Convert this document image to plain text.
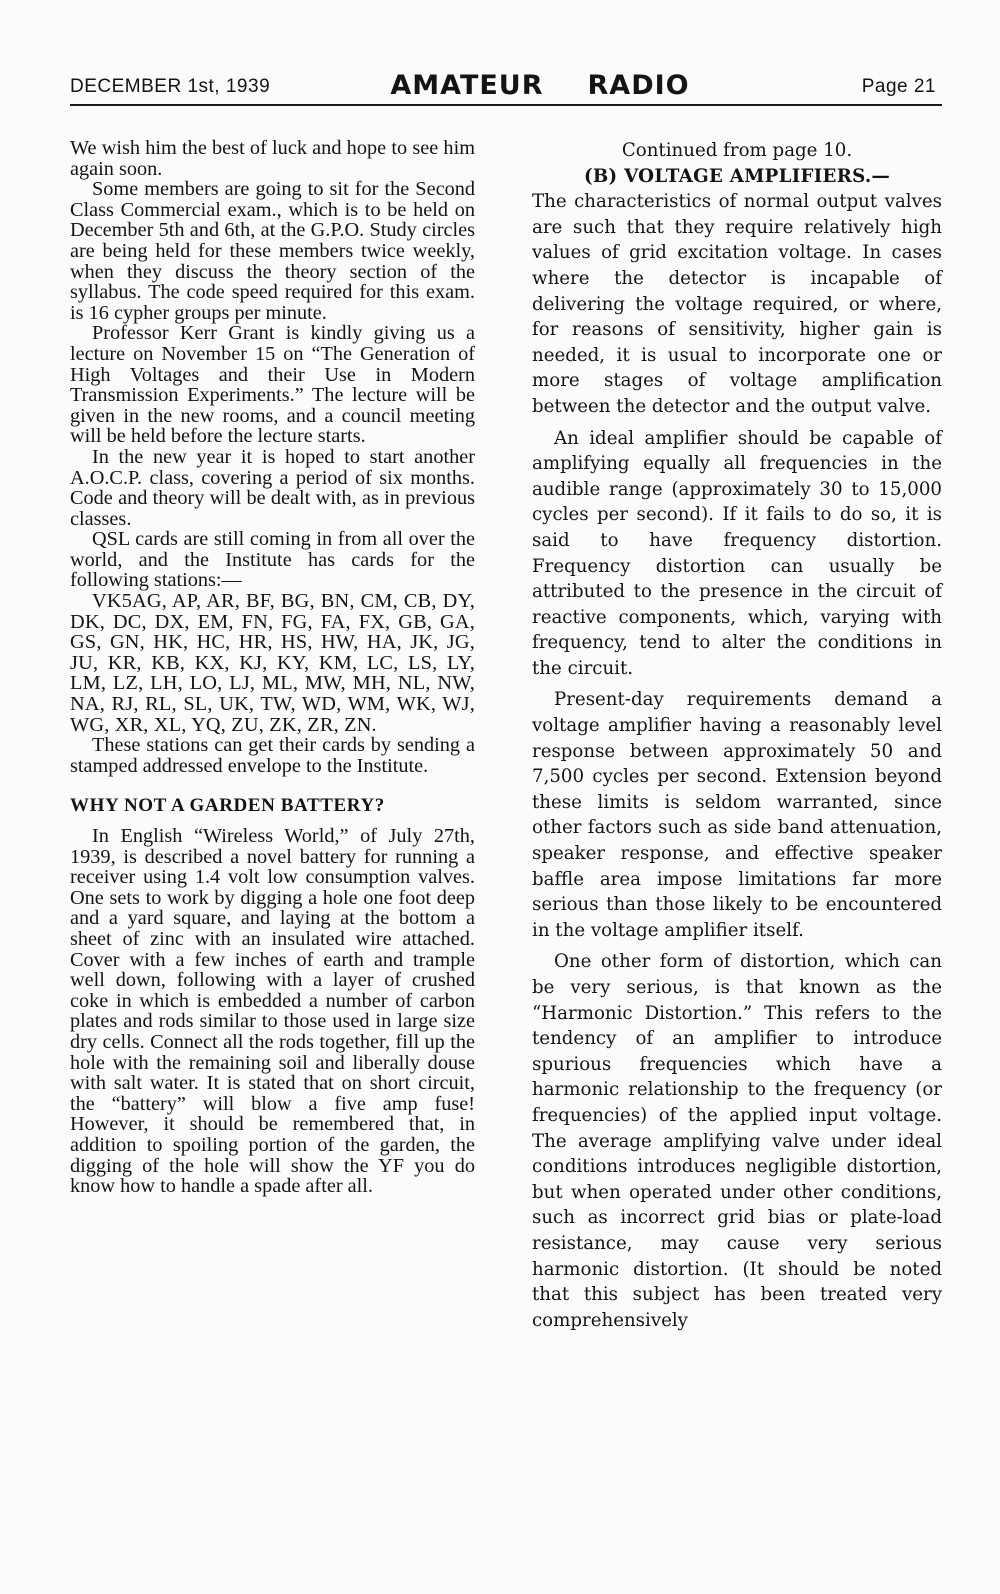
DECEMBER 1st, 1939	AMATEUR RADIO	Page 21

We wish him the best of luck and hope to see him again soon.

Some members are going to sit for the Second Class Commercial exam., which is to be held on December 5th and 6th, at the G.P.O. Study circles are being held for these members twice weekly, when they discuss the theory section of the syllabus. The code speed required for this exam. is 16 cypher groups per minute.

Professor Kerr Grant is kindly giving us a lecture on November 15 on “The Generation of High Voltages and their Use in Modern Transmission Experiments.” The lecture will be given in the new rooms, and a council meeting will be held before the lecture starts.

In the new year it is hoped to start another A.O.C.P. class, covering a period of six months. Code and theory will be dealt with, as in previous classes.

QSL cards are still coming in from all over the world, and the Institute has cards for the following stations:—

VK5AG, AP, AR, BF, BG, BN, CM, CB, DY, DK, DC, DX, EM, FN, FG, FA, FX, GB, GA, GS, GN, HK, HC, HR, HS, HW, HA, JK, JG, JU, KR, KB, KX, KJ, KY, KM, LC, LS, LY, LM, LZ, LH, LO, LJ, ML, MW, MH, NL, NW, NA, RJ, RL, SL, UK, TW, WD, WM, WK, WJ, WG, XR, XL, YQ, ZU, ZK, ZR, ZN.

These stations can get their cards by sending a stamped addressed envelope to the Institute.

WHY NOT A GARDEN BATTERY?

In English “Wireless World,” of July 27th, 1939, is described a novel battery for running a receiver using 1.4 volt low consumption valves. One sets to work by digging a hole one foot deep and a yard square, and laying at the bottom a sheet of zinc with an insulated wire attached. Cover with a few inches of earth and trample well down, following with a layer of crushed coke in which is embedded a number of carbon plates and rods similar to those used in large size dry cells. Connect all the rods together, fill up the hole with the remaining soil and liberally douse with salt water. It is stated that on short circuit, the “battery” will blow a five amp fuse! However, it should be remembered that, in addition to spoiling portion of the garden, the digging of the hole will show the YF you do know how to handle a spade after all.

Continued from page 10.

(B) VOLTAGE AMPLIFIERS.—

The characteristics of normal output valves are such that they require relatively high values of grid excitation voltage. In cases where the detector is incapable of delivering the voltage required, or where, for reasons of sensitivity, higher gain is needed, it is usual to incorporate one or more stages of voltage amplification between the detector and the output valve.

An ideal amplifier should be capable of amplifying equally all frequencies in the audible range (approximately 30 to 15,000 cycles per second). If it fails to do so, it is said to have frequency distortion. Frequency distortion can usually be attributed to the presence in the circuit of reactive components, which, varying with frequency, tend to alter the conditions in the circuit.

Present-day requirements demand a voltage amplifier having a reasonably level response between approximately 50 and 7,500 cycles per second. Extension beyond these limits is seldom warranted, since other factors such as side band attenuation, speaker response, and effective speaker baffle area impose limitations far more serious than those likely to be encountered in the voltage amplifier itself.

One other form of distortion, which can be very serious, is that known as the “Harmonic Distortion.” This refers to the tendency of an amplifier to introduce spurious frequencies which have a harmonic relationship to the frequency (or frequencies) of the applied input voltage. The average amplifying valve under ideal conditions introduces negligible distortion, but when operated under other conditions, such as incorrect grid bias or plate-load resistance, may cause very serious harmonic distortion. (It should be noted that this subject has been treated very comprehensively
